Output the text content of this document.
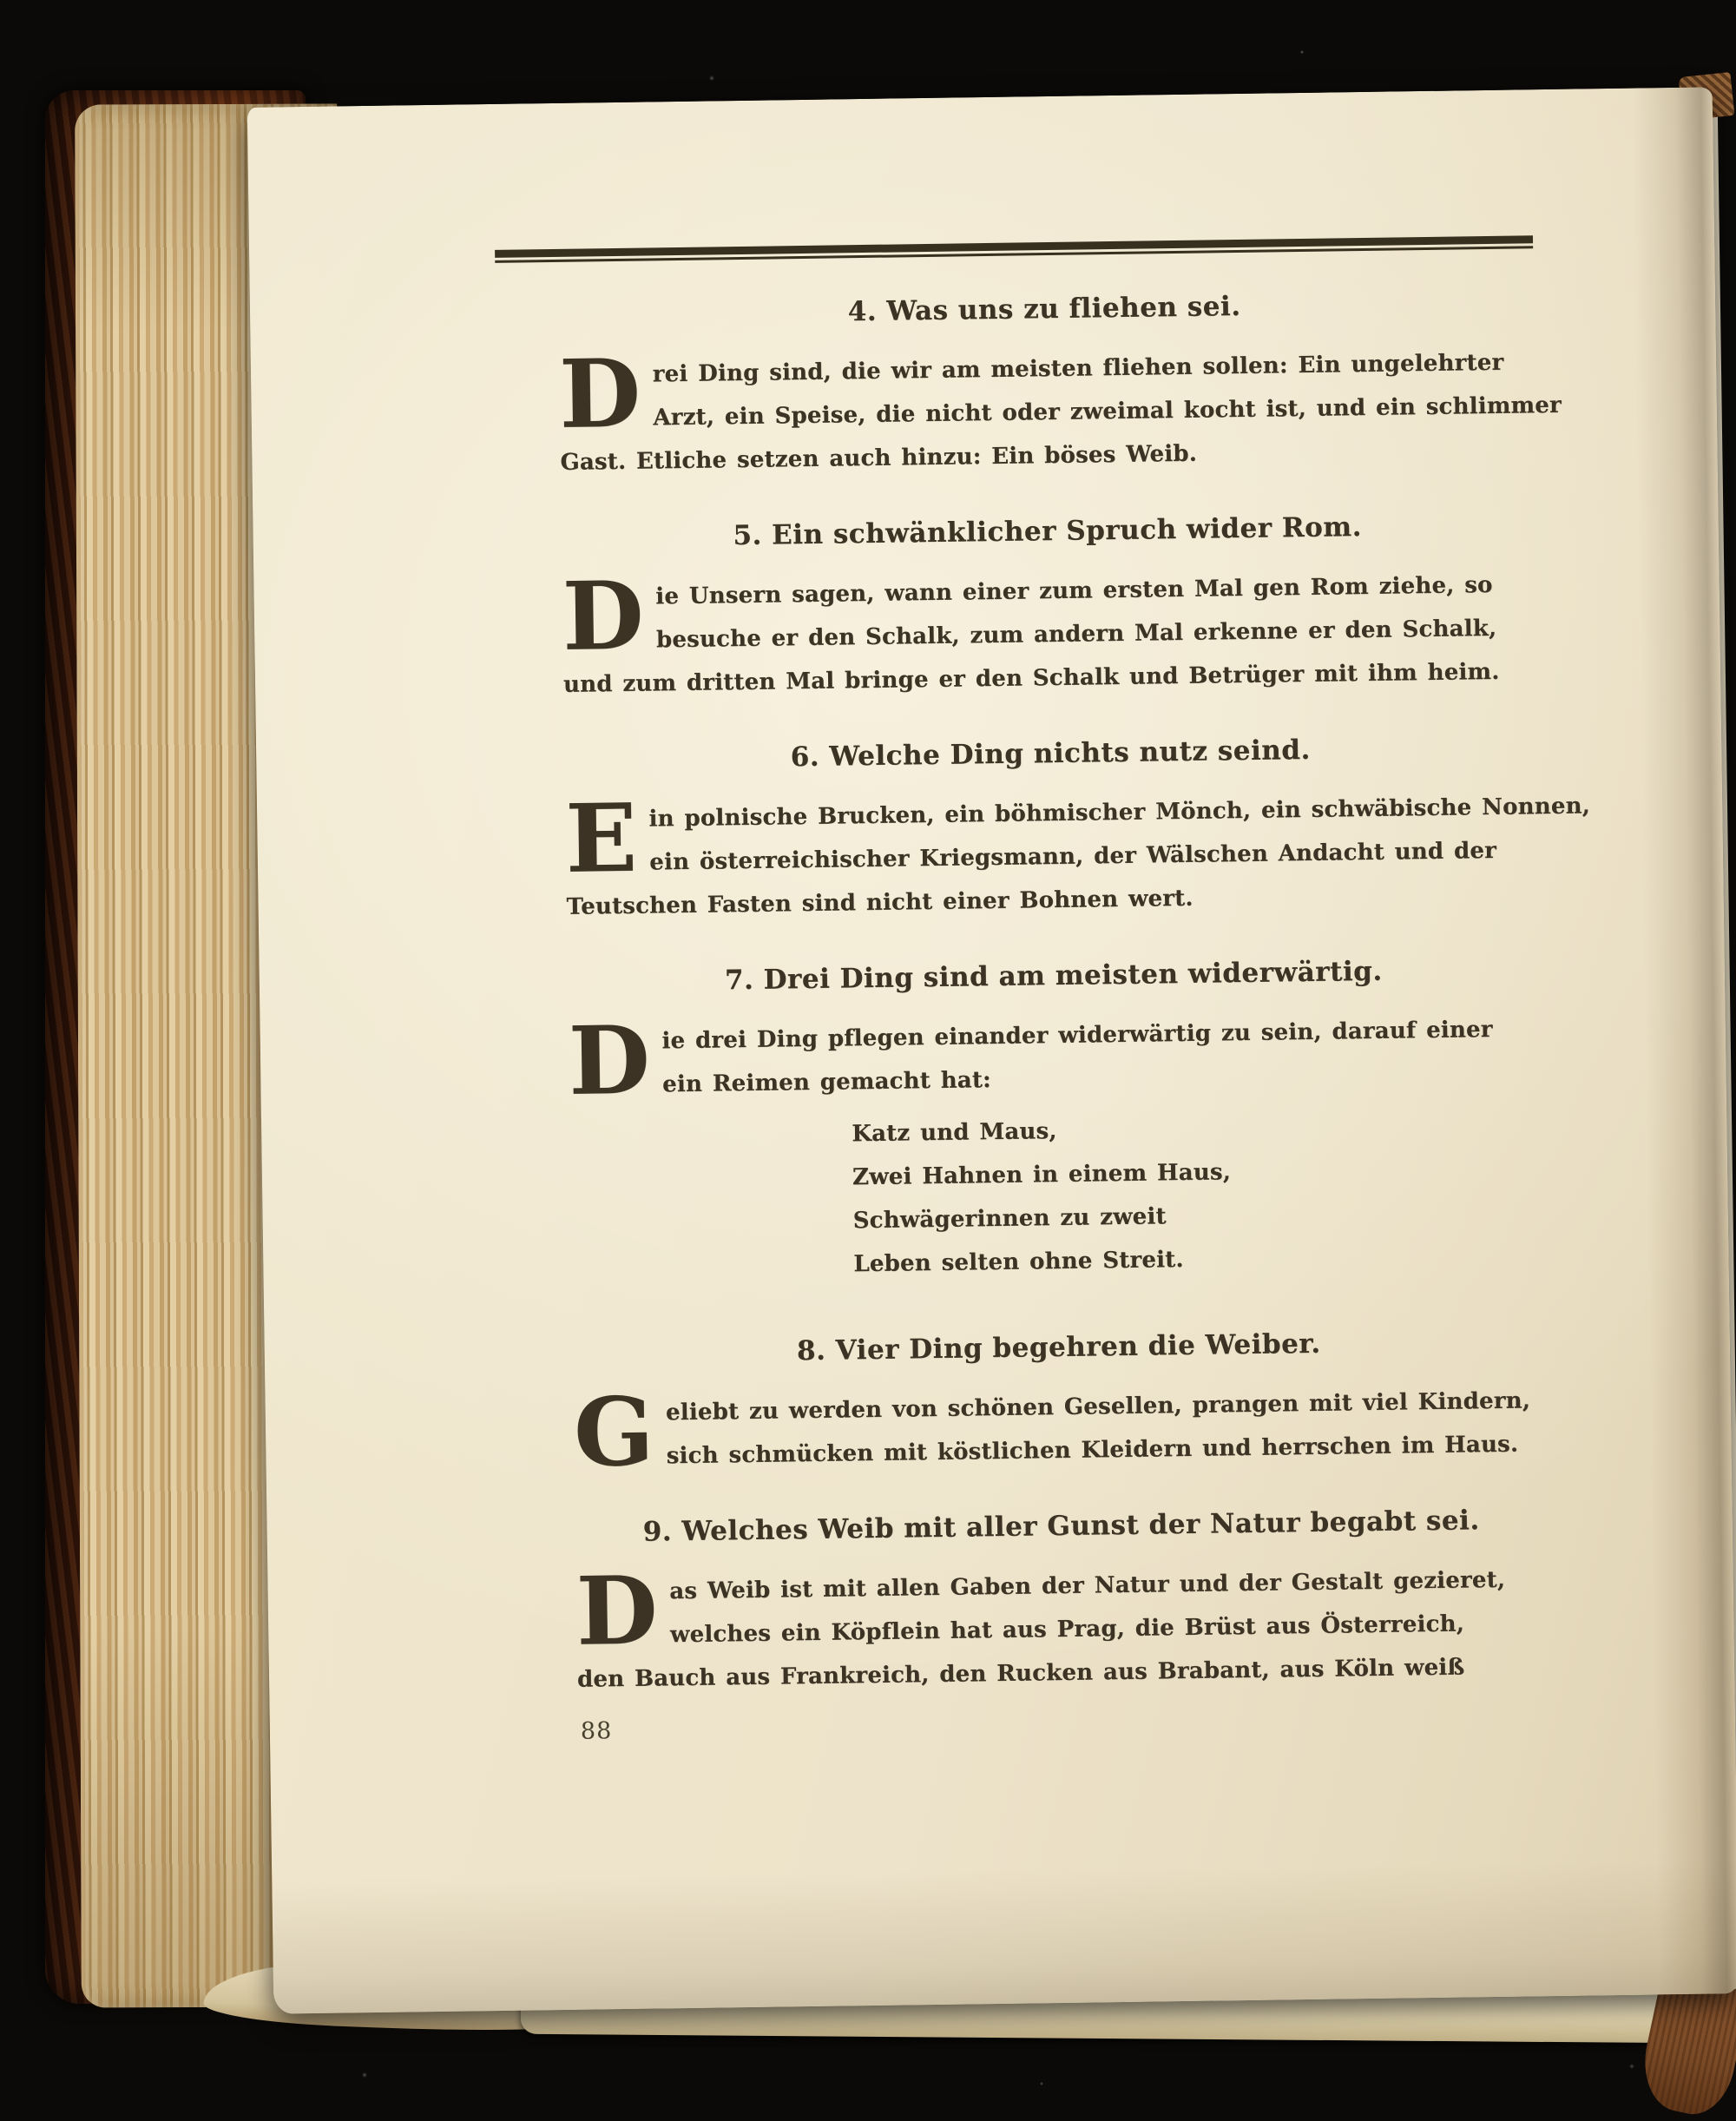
4. Was uns zu fliehen sei.

D rei Ding sind, die wir am meisten fliehen sollen: Ein ungelehrter
Arzt, ein Speise, die nicht oder zweimal kocht ist, und ein schlimmer
Gast. Etliche setzen auch hinzu: Ein böses Weib.

5. Ein schwänklicher Spruch wider Rom.

D ie Unsern sagen, wann einer zum ersten Mal gen Rom ziehe, so
besuche er den Schalk, zum andern Mal erkenne er den Schalk,
und zum dritten Mal bringe er den Schalk und Betrüger mit ihm heim.

6. Welche Ding nichts nutz seind.

E in polnische Brucken, ein böhmischer Mönch, ein schwäbische Nonnen,
ein österreichischer Kriegsmann, der Wälschen Andacht und der
Teutschen Fasten sind nicht einer Bohnen wert.

7. Drei Ding sind am meisten widerwärtig.

D ie drei Ding pflegen einander widerwärtig zu sein, darauf einer
ein Reimen gemacht hat:

Katz und Maus,
Zwei Hahnen in einem Haus,
Schwägerinnen zu zweit
Leben selten ohne Streit.
8. Vier Ding begehren die Weiber.

G eliebt zu werden von schönen Gesellen, prangen mit viel Kindern,
sich schmücken mit köstlichen Kleidern und herrschen im Haus.

9. Welches Weib mit aller Gunst der Natur begabt sei.

D as Weib ist mit allen Gaben der Natur und der Gestalt gezieret,
welches ein Köpflein hat aus Prag, die Brüst aus Österreich,
den Bauch aus Frankreich, den Rucken aus Brabant, aus Köln weiß

88
